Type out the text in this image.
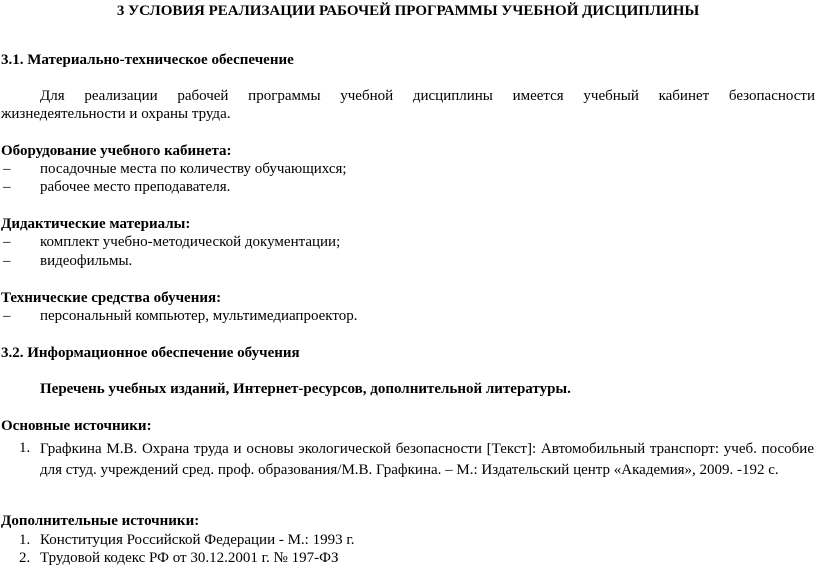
3 УСЛОВИЯ РЕАЛИЗАЦИИ РАБОЧЕЙ ПРОГРАММЫ УЧЕБНОЙ ДИСЦИПЛИНЫ
3.1. Материально-техническое обеспечение
Для реализации рабочей программы учебной дисциплины имеется учебный кабинет безопасности
жизнедеятельности и охраны труда.
Оборудование учебного кабинета:
–	посадочные места по количеству обучающихся;
–	рабочее место преподавателя.
Дидактические материалы:
–	комплект учебно-методической документации;
–	видеофильмы.
Технические средства обучения:
–	персональный компьютер, мультимедиапроектор.
3.2. Информационное обеспечение обучения
Перечень учебных изданий, Интернет-ресурсов, дополнительной литературы.
Основные источники:
1. Графкина М.В. Охрана труда и основы экологической безопасности [Текст]: Автомобильный транспорт: учеб. пособие для студ. учреждений сред. проф. образования/М.В. Графкина. – М.: Издательский центр «Академия», 2009. -192 с.
Дополнительные источники:
1. Конституция Российской Федерации - М.: 1993 г.
2. Трудовой кодекс РФ от 30.12.2001 г. № 197-ФЗ
